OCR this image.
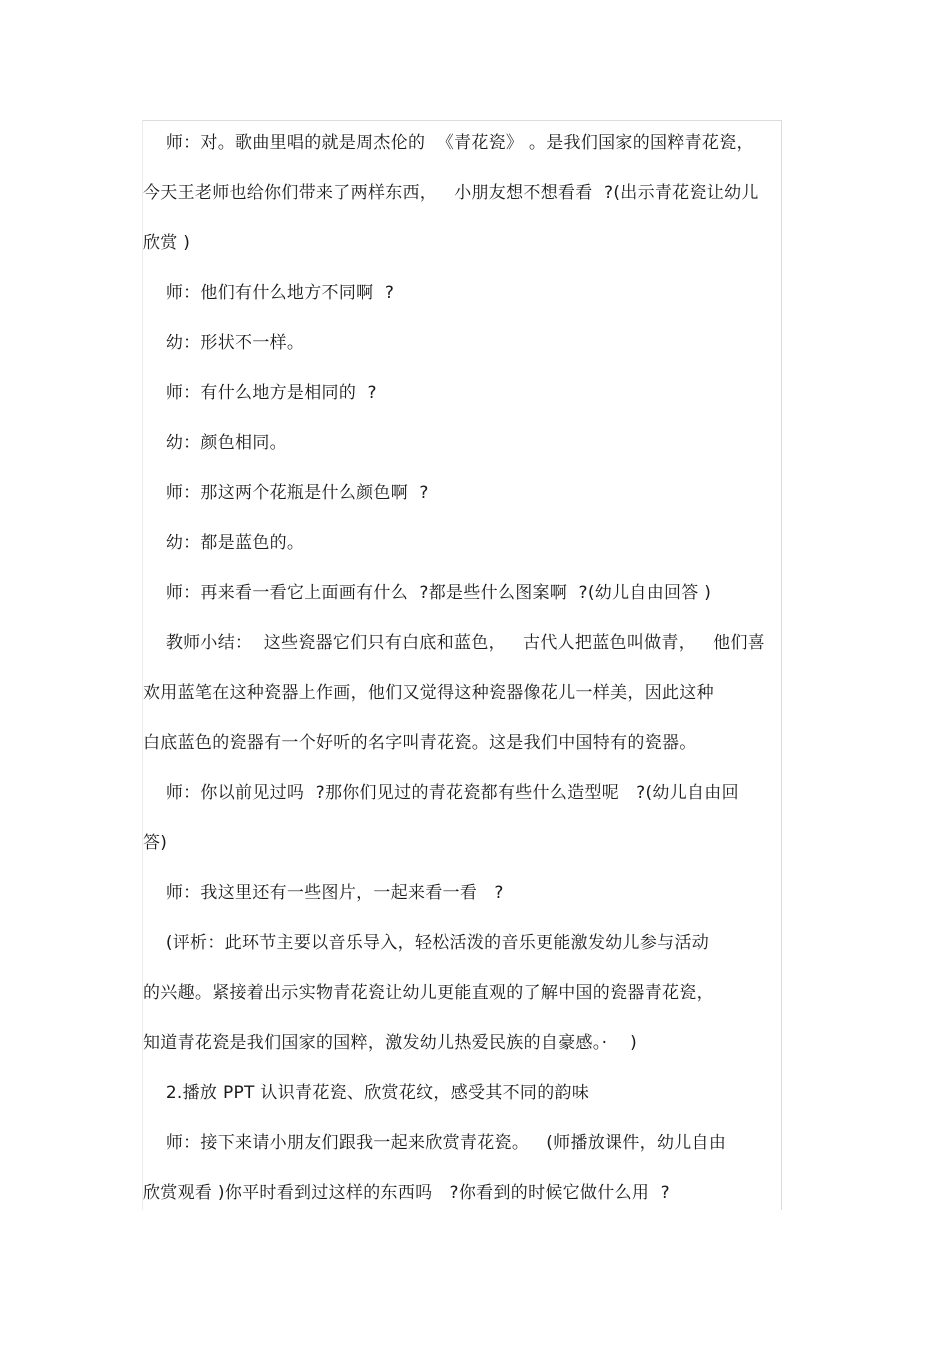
师：对。歌曲里唱的就是周杰伦的  《青花瓷》 。是我们国家的国粹青花瓷，

今天王老师也给你们带来了两样东西，   小朋友想不想看看  ?(出示青花瓷让幼儿

欣赏 )

师：他们有什么地方不同啊  ?

幼：形状不一样。

师：有什么地方是相同的  ?

幼：颜色相同。

师：那这两个花瓶是什么颜色啊  ?

幼：都是蓝色的。

师：再来看一看它上面画有什么  ?都是些什么图案啊  ?(幼儿自由回答 )

教师小结：  这些瓷器它们只有白底和蓝色，   古代人把蓝色叫做青，   他们喜

欢用蓝笔在这种瓷器上作画，他们又觉得这种瓷器像花儿一样美，因此这种

白底蓝色的瓷器有一个好听的名字叫青花瓷。这是我们中国特有的瓷器。

师：你以前见过吗  ?那你们见过的青花瓷都有些什么造型呢   ?(幼儿自由回

答)

师：我这里还有一些图片，一起来看一看   ?

(评析：此环节主要以音乐导入，轻松活泼的音乐更能激发幼儿参与活动

的兴趣。紧接着出示实物青花瓷让幼儿更能直观的了解中国的瓷器青花瓷，

知道青花瓷是我们国家的国粹，激发幼儿热爱民族的自豪感。·    )

2.播放 PPT 认识青花瓷、欣赏花纹，感受其不同的韵味

师：接下来请小朋友们跟我一起来欣赏青花瓷。   (师播放课件，幼儿自由

欣赏观看 )你平时看到过这样的东西吗   ?你看到的时候它做什么用  ?
